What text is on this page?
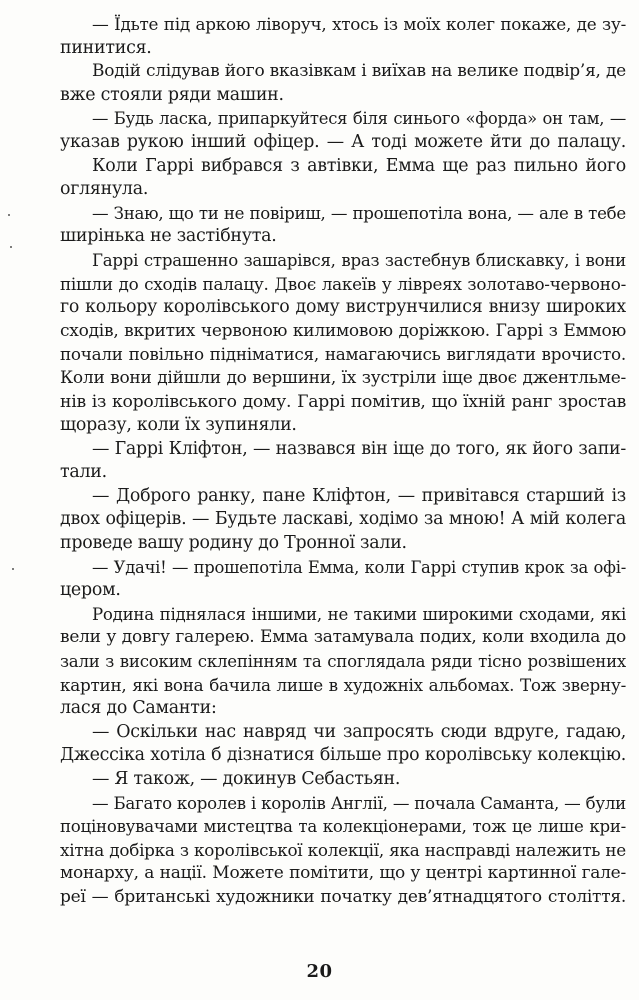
— Їдьте під аркою ліворуч, хтось із моїх колег покаже, де зу-
пинитися.
Водій слідував його вказівкам і виїхав на велике подвір’я, де
вже стояли ряди машин.
— Будь ласка, припаркуйтеся біля синього «форда» он там, —
указав рукою інший офіцер. — А тоді можете йти до палацу.
Коли Гаррі вибрався з автівки, Емма ще раз пильно його
оглянула.
— Знаю, що ти не повіриш, — прошепотіла вона, — але в тебе
ширінька не застібнута.
Гаррі страшенно зашарівся, враз застебнув блискавку, і вони
пішли до сходів палацу. Двоє лакеїв у лівреях золотаво-червоно-
го кольору королівського дому виструнчилися внизу широких
сходів, вкритих червоною килимовою доріжкою. Гаррі з Еммою
почали повільно підніматися, намагаючись виглядати врочисто.
Коли вони дійшли до вершини, їх зустріли іще двоє джентльме-
нів із королівського дому. Гаррі помітив, що їхній ранг зростав
щоразу, коли їх зупиняли.
— Гаррі Кліфтон, — назвався він іще до того, як його запи-
тали.
— Доброго ранку, пане Кліфтон, — привітався старший із
двох офіцерів. — Будьте ласкаві, ходімо за мною! А мій колега
проведе вашу родину до Тронної зали.
— Удачі! — прошепотіла Емма, коли Гаррі ступив крок за офі-
цером.
Родина піднялася іншими, не такими широкими сходами, які
вели у довгу галерею. Емма затамувала подих, коли входила до
зали з високим склепінням та споглядала ряди тісно розвішених
картин, які вона бачила лише в художніх альбомах. Тож зверну-
лася до Саманти:
— Оскільки нас навряд чи запросять сюди вдруге, гадаю,
Джессіка хотіла б дізнатися більше про королівську колекцію.
— Я також, — докинув Себастьян.
— Багато королев і королів Англії, — почала Саманта, — були
поціновувачами мистецтва та колекціонерами, тож це лише кри-
хітна добірка з королівської колекції, яка насправді належить не
монарху, а нації. Можете помітити, що у центрі картинної гале-
реї — британські художники початку дев’ятнадцятого століття.
20
